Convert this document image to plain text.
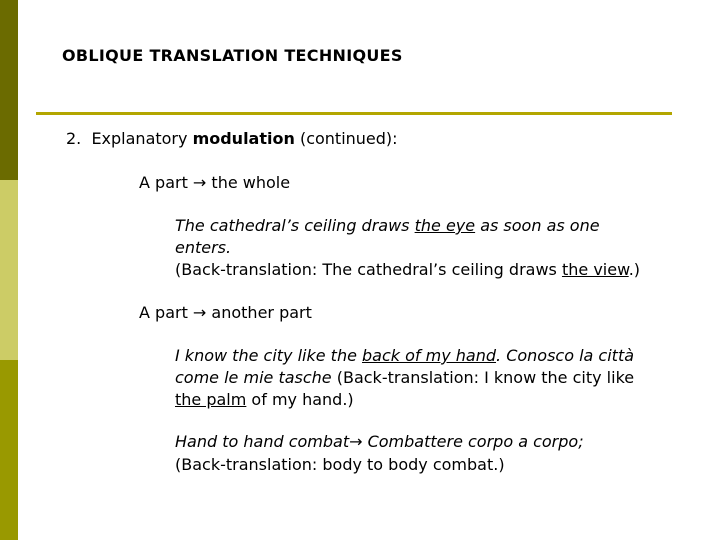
OBLIQUE TRANSLATION TECHNIQUES
2.  Explanatory modulation (continued):
A part → the whole
The cathedral’s ceiling draws the eye as soon as one
enters.
(Back-translation: The cathedral’s ceiling draws the view.)
A part → another part
I know the city like the back of my hand. Conosco la città
come le mie tasche (Back-translation: I know the city like
the palm of my hand.)
Hand to hand combat→ Combattere corpo a corpo;
(Back-translation: body to body combat.)
